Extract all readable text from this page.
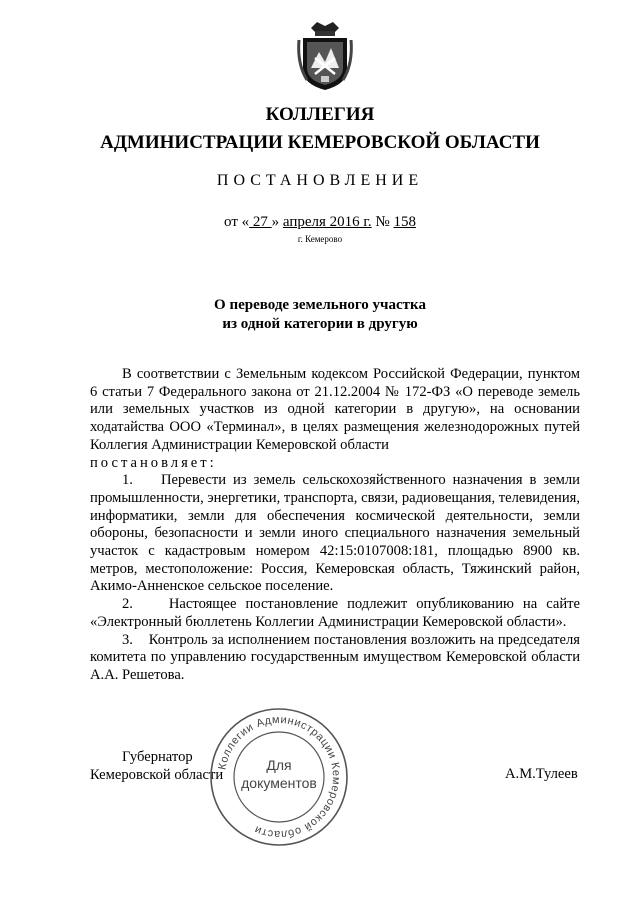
КОЛЛЕГИЯ
АДМИНИСТРАЦИИ КЕМЕРОВСКОЙ ОБЛАСТИ
ПОСТАНОВЛЕНИЕ
от « 27 » апреля 2016 г. № 158
г. Кемерово
О переводе земельного участка
из одной категории в другую

В соответствии с Земельным кодексом Российской Федерации, пунктом 6 статьи 7 Федерального закона от 21.12.2004 № 172-ФЗ «О переводе земель или земельных участков из одной категории в другую», на основании ходатайства ООО «Терминал», в целях размещения железнодорожных путей Коллегия Администрации Кемеровской области

постановляет:

1.    Перевести из земель сельскохозяйственного назначения в земли промышленности, энергетики, транспорта, связи, радиовещания, телевидения, информатики, земли для обеспечения космической деятельности, земли обороны, безопасности и земли иного специального назначения земельный участок с кадастровым номером 42:15:0107008:181, площадью 8900 кв. метров, местоположение: Россия, Кемеровская область, Тяжинский район, Акимо-Анненское сельское поселение.

2.    Настоящее постановление подлежит опубликованию на сайте «Электронный бюллетень Коллегии Администрации Кемеровской области».

3.    Контроль за исполнением постановления возложить на председателя комитета по управлению государственным имуществом Кемеровской области А.А. Решетова.

Губернатор
Кемеровской области	А.М.Тулеев
Коллегии Администрации Кемеровской области
Для
документов
